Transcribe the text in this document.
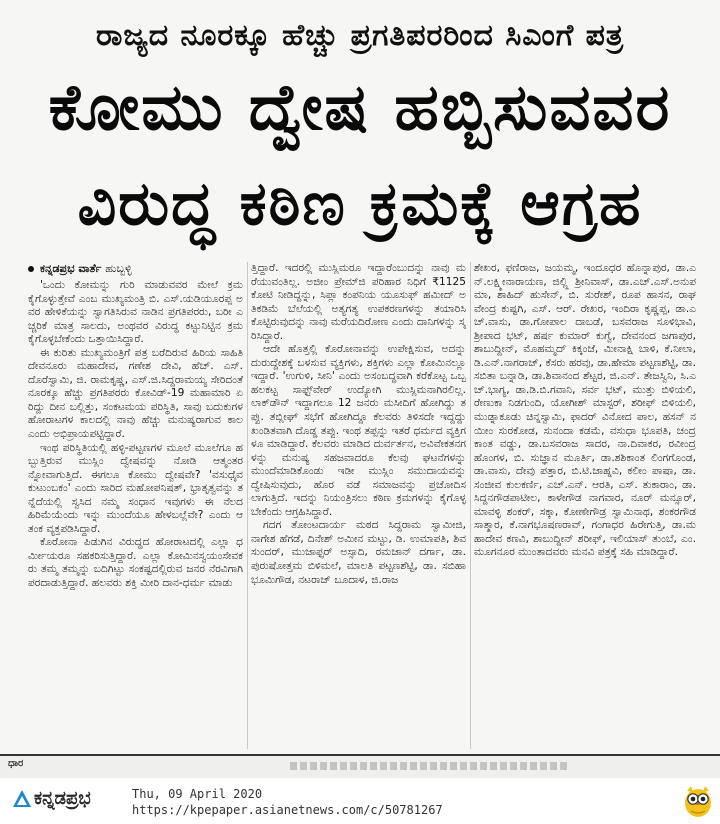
ರಾಜ್ಯದ ನೂರಕ್ಕೂ ಹೆಚ್ಚು ಪ್ರಗತಿಪರರಿಂದ ಸಿಎಂಗೆ ಪತ್ರ
ಕೋಮು ದ್ವೇಷ ಹಬ್ಬಿಸುವವರ
ವಿರುದ್ಧ ಕಠಿಣ ಕ್ರಮಕ್ಕೆ ಆಗ್ರಹ
ಕನ್ನಡಪ್ರಭ ವಾರ್ತೆ ಹುಬ್ಬಳ್ಳಿ

'ಒಂದು ಕೋಮನ್ನು ಗುರಿ ಮಾಡುವವರ ಮೇಲೆ ಕ್ರಮ ಕೈಗೊಳ್ಳುತ್ತೇವೆ ಎಂಬ ಮುಖ್ಯಮಂತ್ರಿ ಬಿ. ಎಸ್.ಯಡಿಯೂರಪ್ಪ ಅವರ ಹೇಳಿಕೆಯನ್ನು ಸ್ವಾಗತಿಸಿರುವ ನಾಡಿನ ಪ್ರಗತಿಪರರು, ಬರೀ ಎಚ್ಚರಿಕೆ ಮಾತ್ರ ಸಾಲದು, ಅಂಥವರ ವಿರುದ್ಧ ಕಟ್ಟುನಿಟ್ಟಿನ ಕ್ರಮ ಕೈಗೊಳ್ಳಬೇಕೆಂದು ಒತ್ತಾಯಿಸಿದ್ದಾರೆ.

ಈ ಕುರಿತು ಮುಖ್ಯಮಂತ್ರಿಗೆ ಪತ್ರ ಬರೆದಿರುವ ಹಿರಿಯ ಸಾಹಿತಿ ದೇವನೂರು ಮಹಾದೇವ, ಗಣೇಶ ದೇವಿ, ಹೆಚ್. ಎಸ್. ದೊರೆಸ್ವಾಮಿ, ಜಿ. ರಾಮಕೃಷ್ಣ, ಎಸ್.ಜಿ.ಸಿದ್ದರಾಮಯ್ಯ ಸೇರಿದಂತೆ ನೂರಕ್ಕೂ ಹೆಚ್ಚು ಪ್ರಗತಿಪರರು ಕೋವಿಡ್-19 ಮಹಾಮಾರಿ ಏರಿದ್ದು ದೀನ ಬಲ್ಲಿತ್ತು, ಸಂಕಟಮಯ ಪರಿಸ್ಥಿತಿ, ಸಾವು ಬದುಕುಗಳ ಹೋರಾಟಗಳ ಕಾಲದಲ್ಲಿ ನಾವು ಹೆಚ್ಚು ಮನುಷ್ಯರಾಗುವ ಕಾಲ ಎಂದು ಅಭಿಪ್ರಾಯಪಟ್ಟಿದ್ದಾರೆ.

ಇಂಥ ಪರಿಸ್ಥಿತಿಯಲ್ಲಿ ಹಳ್ಳಿ-ಪಟ್ಟಣಗಳ ಮೂಲೆ ಮೂಲೆಗೂ ಹಬ್ಬುತ್ತಿರುವ ಮುಸ್ಲಿಂ ದ್ವೇಷವನ್ನು ನೋಡಿ ಆತ್ಮಂತರನ್ನೋವಾಗುತ್ತಿದೆ. ಈಗಲೂ ಕೋಮು ದ್ವೇಷವೇ? 'ವಸುಧೈವಕುಟುಂಬಕಂ' ಎಂದು ಸಾರಿದ ಮಹೋಪನಿಷತ್, ಭ್ರಾತೃತ್ವವನ್ನು ತನ್ನೆದೆಯಲ್ಲಿ ಸ್ವಸಿದ ನಮ್ಮ ಸಂಧಾನ ಇವುಗಳು ಈ ನೆಲದ ಹಿರಿಮೆಯೆಂದು ಇನ್ನು ಮುಂದೆಯೂ ಹೇಳಬಲ್ಲೆವೇ? ಎಂದು ಆತಂಕ ವ್ಯಕ್ತಪಡಿಸಿದ್ದಾರೆ.

ಕೊರೋನಾ ಪಿಡುಗಿನ ವಿರುದ್ಧದ ಹೋರಾಟದಲ್ಲಿ ಎಲ್ಲಾ ಧರ್ಮೀಯರೂ ಸಹಕರಿಸುತ್ತಿದ್ದಾರೆ. ಎಲ್ಲಾ ಕೋಮಿನಸ್ವಯಂಸೇವಕರು ತಮ್ಮ ತಮ್ಮನ್ನು ಬದಿಗಿಟ್ಟು ಸಂಕಷ್ಟದಲ್ಲಿರುವ ಜನರ ನೆರವಿಗಾಗಿ ಪರದಾಡುತ್ತಿದ್ದಾರೆ. ಹಲವರು ಶಕ್ತಿ ಮೀರಿ ದಾನ-ಧರ್ಮ ಮಾಡು

ತ್ತಿದ್ದಾರೆ. ಇದರಲ್ಲಿ ಮುಸ್ಲಿಮರೂ ಇದ್ದಾರೆಂಬುದನ್ನು ನಾವು ಮರೆಯುವಂತಿಲ್ಲ. ಅಜೀಂ ಪ್ರೇಮ್‌ಜಿ ಪರಿಹಾರ ನಿಧಿಗೆ ₹1125 ಕೋಟಿ ನೀಡಿದ್ದನ್ನು, ಸಿಪ್ಲಾ ಕಂಪನಿಯ ಯೂಸುಫ್ ಹಮೀದ್ ಅತಿಕಡಿಮೆ ಬೆಲೆಯಲ್ಲಿ ಅತ್ಯಗತ್ಯ ಉಪಕರಣಗಳನ್ನು ತಯಾರಿಸಿ ಕೊಟ್ಟಿರುವುದನ್ನು ನಾವು ಮರೆಯದಿರೋಣ ಎಂದು ದಾನಿಗಳನ್ನು ಸ್ಮರಿಸಿದ್ದಾರೆ.

ಆದೇ ಹೊತ್ತಲ್ಲಿ ಕೊರೋನಾವನ್ನು ಉಪೇಕ್ಷಿಸುವ, ಅದನ್ನು ದುರುದ್ದೇಶಕ್ಕೆ ಬಳಸುವ ವ್ಯಕ್ತಿಗಳು, ಶಕ್ತಿಗಳು ಎಲ್ಲಾ ಕೋಮಿನಲ್ಲೂ ಇದ್ದಾರೆ. 'ಉಗುಳಿ, ಸೀನಿ' ಎಂದು ಅಸಂಬದ್ಧವಾಗಿ ಕರೆಕೊಟ್ಟ ಒಬ್ಬ ಹಲಕಟ್ಟ ಸಾಫ್ಟ್‌ವೇರ್ ಉದ್ಯೋಗಿ ಮುಸ್ಲಿಮನಾಗಿರಲಿಲ್ಲ. ಲಾಕ್‌ಡೌನ್ ಇದ್ದಾಗಲೂ 12 ಜನರು ಮಸೀದಿಗೆ ಹೋಗಿದ್ದು ತಪ್ಪು. ತಬ್ಲೀಘ್ ಸಭೆಗೆ ಹೋಗಿದ್ದೂ ಕೆಲವರು ತಿಳಿಸದೇ ಇದ್ದದ್ದು ಖಂಡಿತವಾಗಿ ದೊಡ್ಡ ತಪ್ಪು. ಇಂಥ ತಪ್ಪನ್ನು ಇತರೆ ಧರ್ಮದ ವ್ಯಕ್ತಿಗಳೂ ಮಾಡಿದ್ದಾರೆ. ಕೆಲವರು ಮಾಡಿದ ದುರ್ವರ್ತನ, ಅವಿವೇಕತನಗಳನ್ನು ಮನುಷ್ಯ ಸಹಜವಾದರೂ ಕೆಲವು ಘಟನೆಗಳನ್ನು ಮುಂದೆಮಾಡಿಕೊಂಡು ಇಡೀ ಮುಸ್ಲಿಂ ಸಮುದಾಯವನ್ನು ದ್ವೇಷಿಸುವುದು, ಹೊರ ವಡೆ ಸಮಾಜವನ್ನು ಪ್ರಚೋದಿಸಲಾಗುತ್ತಿದೆ. ಇದನ್ನು ನಿಯಂತ್ರಿಸಲು ಕಠಿಣ ಕ್ರಮಗಳನ್ನು ಕೈಗೊಳ್ಳಬೇಕೆಂದು ಆಗ್ರಹಿಸಿದ್ದಾರೆ.

ಗದಗ ತೋಂಟದಾರ್ಯ ಮಠದ ಸಿದ್ದರಾಮ ಸ್ವಾಮೀಜಿ, ನಾಗೇಶ ಹೆಗಡೆ, ದಿನೇಶ್ ಅಮೀನ ಮಟ್ಟು, ಡಿ. ಉಮಾಪತಿ, ಶಿವಸುಂದರ್, ಮುಜಾಫ್ಫರ್ ಅಸ್ಸಾದಿ, ರಮಜಾನ್ ದರ್ಗಾ, ಡಾ.ಪುರುಷೋತ್ತಮ ಬಿಳಿಮಲೆ, ಮಾಲತಿ ಪಟ್ಟಣಶೆಟ್ಟಿ, ಡಾ. ಸಬಿಹಾ ಭೂಮಿಗೌಡ, ನಟರಾಜ್ ಬೂದಾಳ, ಜಿ.ರಾಜ

ಶೇಖರ, ಫಣಿರಾಜ, ಜಯಮ್ಮ, ಇಂದೂಧರ ಹೊನ್ನಾಪುರ, ಡಾ.ಎನ್.ಲಕ್ಷ್ಮೀನಾರಾಯಣ, ಜಿಲ್ಲ್ಲಿ ಶ್ರೀನಿವಾಸ್, ಡಾ.ಎಚ್.ಎಸ್.ಅನುಪಮಾ, ಶಾಹಿದ್ ಹುಸೇನ್, ಬಿ. ಸುರೇಶ್, ರೂಪ ಹಾಸನ, ರಾಘವೇಂದ್ರ ಕುಷ್ಟಗಿ, ಎಸ್. ಆರ್. ರೇಖರ, ಇಂದಿರಾ ಕೃಷ್ಣಪ್ಪ, ಡಾ.ಎಚ್.ವಾಸು, ಡಾ.ಗೋಪಾಲ ದಾಬಡೆ, ಬಸವರಾಜ ಸೂಳಿಭಾವಿ, ಶ್ರೀಪಾದ ಭಟ್, ಹರ್ಷ ಕುಮಾರ್ ಕುಗ್ವೆ, ದೇವನಂದ ಜಗಾಪುರ, ಶಾಬುದ್ದೀನ್, ಮೊಹಮ್ಮದ್ ಕಿಕ್ಕಂಜೆ, ಮೀನಾಕ್ಷಿ ಬಾಳಿ, ಕೆ.ನೀಲಾ, ಡಿ.ಎನ್.ನಾಗರಾಜ್, ಕೆಸರು ಹರವು, ಡಾ.ಹೇಮಾ ಪಟ್ಟಣಶೆಟ್ಟಿ, ಡಾ. ಸಬಿತಾ ಬನ್ನಾಡಿ, ಡಾ.ಶಿವಾನಂದ ಶೆಟ್ಟರ, ಜಿ.ಎನ್. ತೇಜಸ್ವಿನಿ, ಸಿ.ಎಚ್.ಭಾಗ್ಯ, ಡಾ.ಡಿ.ಬಿ.ಗವಾನಿ, ಸರ್ವ ಭಟ್, ಮುತ್ತು ಬಿಳಿಯಲಿ, ರೇಣುಕಾ ನಿಡಗುಂದಿ, ಯೋಗೀಶ್ ಮಾಸ್ಟರ್, ಶರೀಫ್ ಬಿಳಿಯಲಿ, ಮುಡ್ನಾಕೂಡು ಚಿನ್ನಸ್ವಾಮಿ, ಫಾದರ್ ವಿನೋದ ಪಾಲ, ಹಸನ್ ನಯೀಂ ಸುರಕೋಡ, ಸುನಂದಾ ಕಡಮೆ, ವಸುಧಾ ಭೂಪತಿ, ಚಂದ್ರಕಾಂತ ವಡ್ಡು, ಡಾ.ಬಸವರಾಜ ಸಾದರ, ನಾ.ದಿವಾಕರ, ರವೀಂದ್ರ ಹೊಂಗಳ, ಬಿ. ಸುಜ್ಞಾನ ಮೂರ್ತಿ, ಡಾ.ಶಶಿಕಾಂತ ಲಿಂಗಗೊಂಡ, ಡಾ.ವಾಸು, ದೇವು ಪತ್ತಾರ, ಬಿ.ಟಿ.ಜಾಹ್ನವಿ, ಕಲೀಂ ಪಾಷಾ, ಡಾ. ಸಂಜೀವ ಕುಲಕರ್ಣಿ, ಎಚ್.ಎನ್. ಆರತಿ, ಎಸ್. ತುಕಾರಾಂ, ಡಾ.ಸಿದ್ದನಗೌಡಪಾಟೀಲ, ಕಾಳೇಗೌಡ ನಾಗವಾರ, ನೂರ್ ಮನ್ಸೂರ್, ಮಾವಳ್ಳಿ ಶಂಕರ್, ಸಕ್ಕಾ, ಕೋಣೇಗೌಡ್ರ ಸ್ವಾಮಿನಾಥ, ಶಂಕರಗೌಡ ಸಾತ್ಮಾರ, ಕೆ.ನಾಗಭೂಷಣರಾವ್, ಗಂಗಾಧರ ಹಿರೇಗುತ್ತಿ, ಡಾ.ಮಹಾದೇವ ಕಣವಿ, ಶಾಬುದ್ದೀನ್ ಶರೀಫ್, ಇಲಿಯಾಸ್ ತುಂಬೆ, ಎಂ.ಮೂಗನೂರ ಮುಂತಾದವರು ಮನವಿ ಪತ್ರಕ್ಕೆ ಸಹಿ ಮಾಡಿದ್ದಾರೆ.

ಧಾರ
ಕನ್ನಡಪ್ರಭ	Thu, 09 April 2020
https://kpepaper.asianetnews.com/c/50781267
